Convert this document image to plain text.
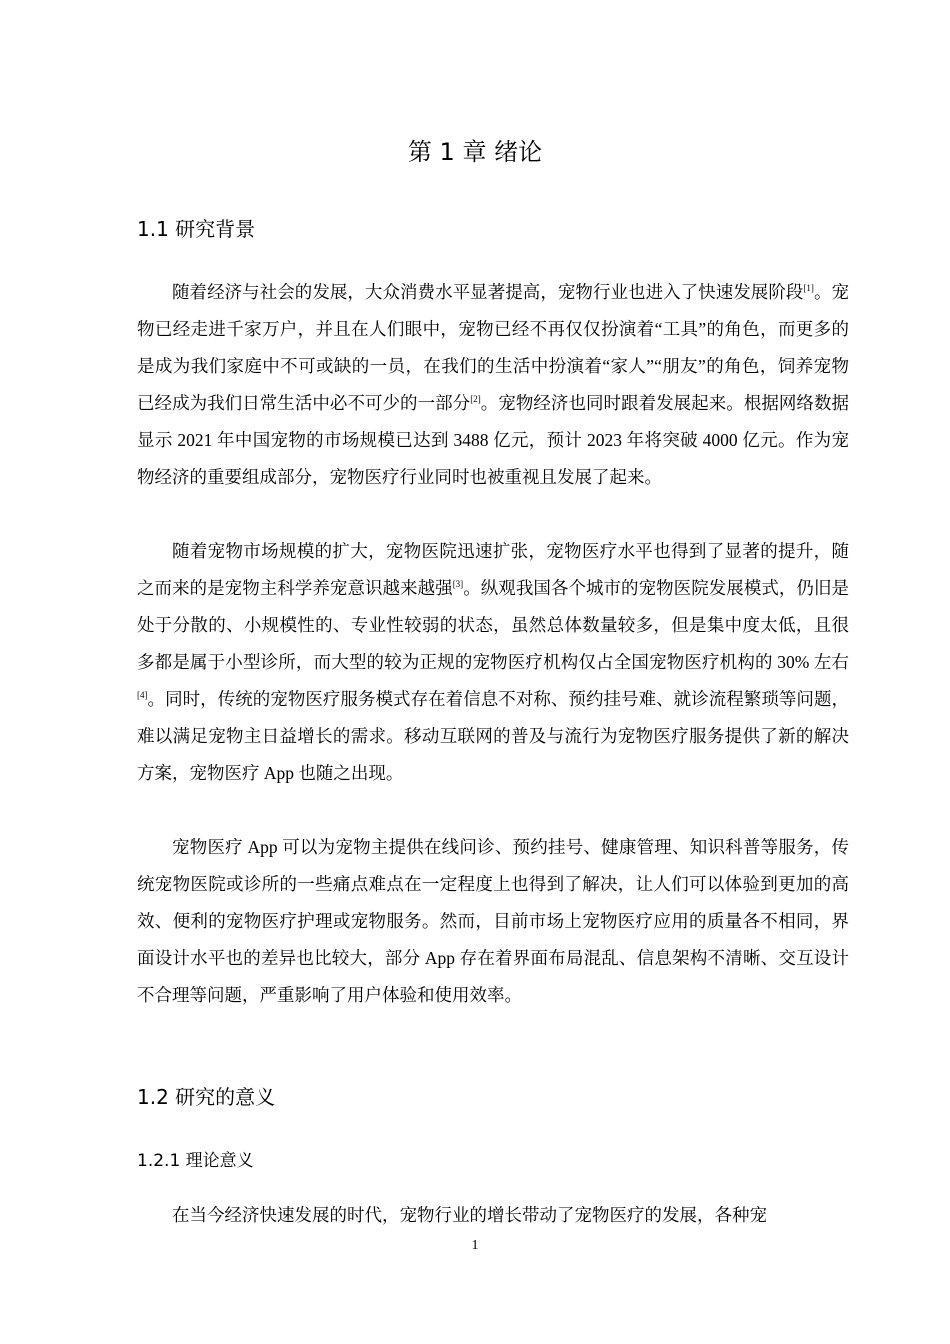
第 1 章 绪论
1.1 研究背景

随着经济与社会的发展，大众消费水平显著提高，宠物行业也进入了快速发展阶段[1]。宠物已经走进千家万户，并且在人们眼中，宠物已经不再仅仅扮演着“工具”的角色，而更多的是成为我们家庭中不可或缺的一员，在我们的生活中扮演着“家人”“朋友”的角色，饲养宠物已经成为我们日常生活中必不可少的一部分[2]。宠物经济也同时跟着发展起来。根据网络数据显示 2021 年中国宠物的市场规模已达到 3488 亿元，预计 2023 年将突破 4000 亿元。作为宠物经济的重要组成部分，宠物医疗行业同时也被重视且发展了起来。

随着宠物市场规模的扩大，宠物医院迅速扩张，宠物医疗水平也得到了显著的提升，随之而来的是宠物主科学养宠意识越来越强[3]。纵观我国各个城市的宠物医院发展模式，仍旧是处于分散的、小规模性的、专业性较弱的状态，虽然总体数量较多，但是集中度太低，且很多都是属于小型诊所，而大型的较为正规的宠物医疗机构仅占全国宠物医疗机构的 30% 左右[4]。同时，传统的宠物医疗服务模式存在着信息不对称、预约挂号难、就诊流程繁琐等问题，难以满足宠物主日益增长的需求。移动互联网的普及与流行为宠物医疗服务提供了新的解决方案，宠物医疗 App 也随之出现。

宠物医疗 App 可以为宠物主提供在线问诊、预约挂号、健康管理、知识科普等服务，传统宠物医院或诊所的一些痛点难点在一定程度上也得到了解决，让人们可以体验到更加的高效、便利的宠物医疗护理或宠物服务。然而，目前市场上宠物医疗应用的质量各不相同，界面设计水平也的差异也比较大，部分 App 存在着界面布局混乱、信息架构不清晰、交互设计不合理等问题，严重影响了用户体验和使用效率。

1.2 研究的意义
1.2.1 理论意义

在当今经济快速发展的时代，宠物行业的增长带动了宠物医疗的发展，各种宠

1
